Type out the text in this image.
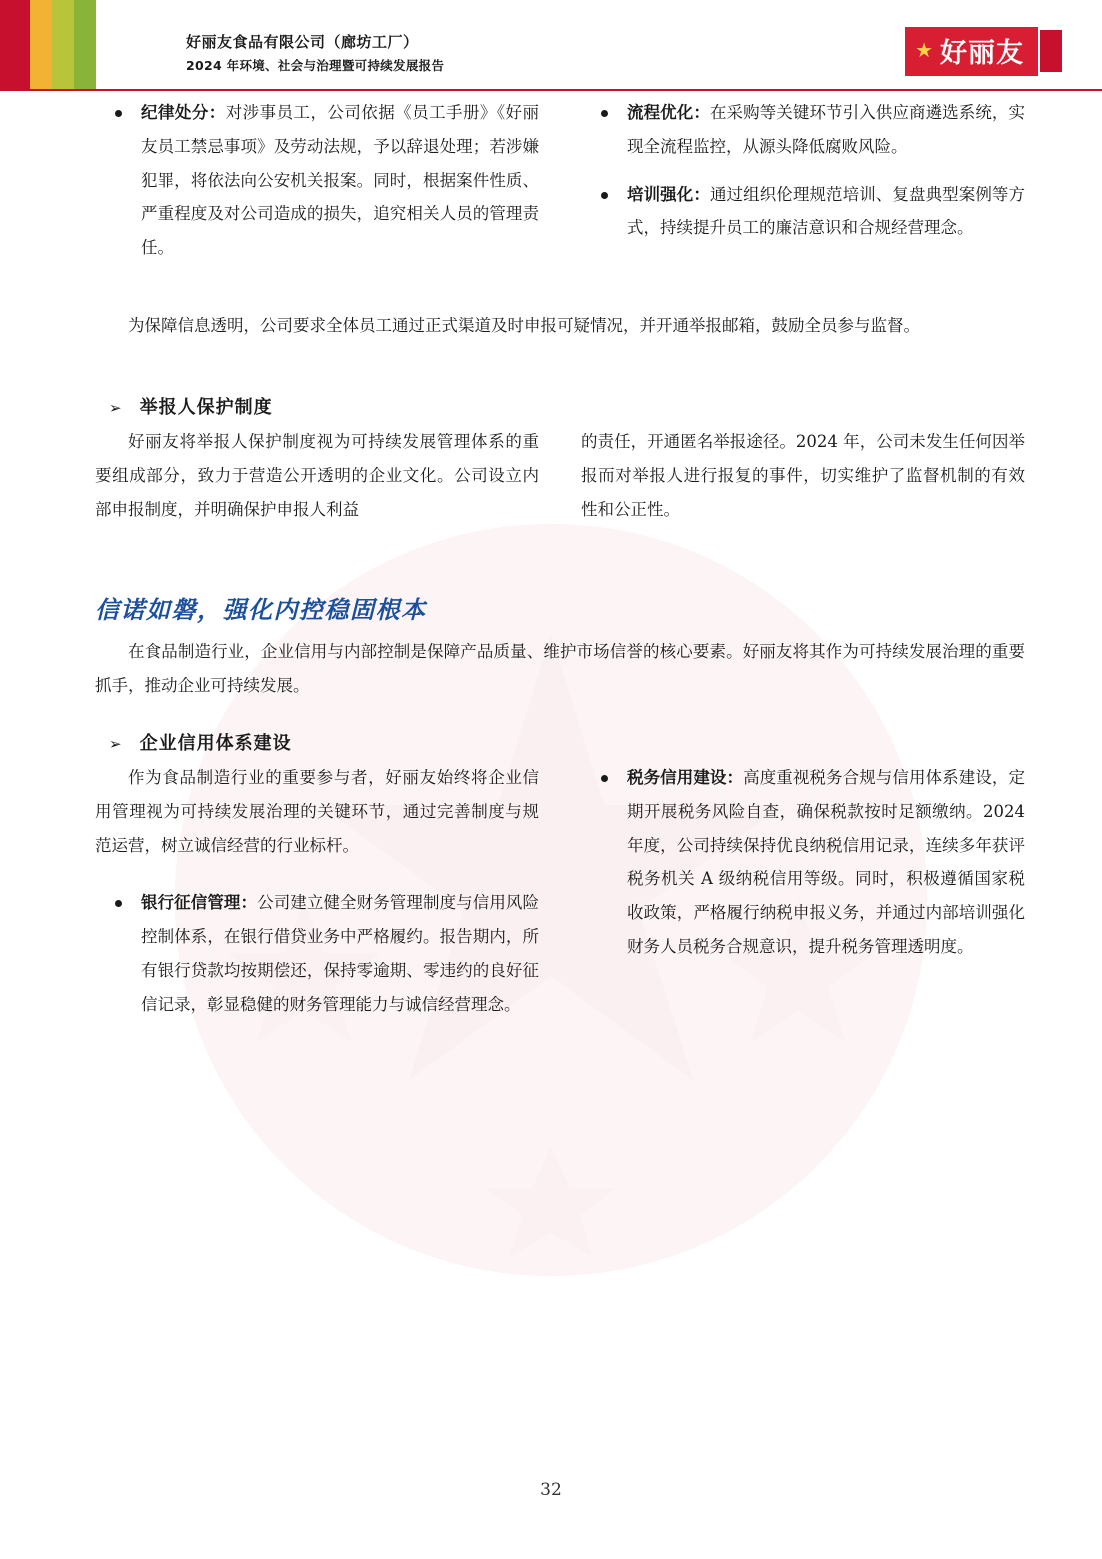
好丽友食品有限公司（廊坊工厂）
2024 年环境、社会与治理暨可持续发展报告
★ 好丽友
纪律处分：对涉事员工，公司依据《员工手册》《好丽友员工禁忌事项》及劳动法规，予以辞退处理；若涉嫌犯罪，将依法向公安机关报案。同时，根据案件性质、严重程度及对公司造成的损失，追究相关人员的管理责任。
流程优化：在采购等关键环节引入供应商遴选系统，实现全流程监控，从源头降低腐败风险。
培训强化：通过组织伦理规范培训、复盘典型案例等方式，持续提升员工的廉洁意识和合规经营理念。

为保障信息透明，公司要求全体员工通过正式渠道及时申报可疑情况，并开通举报邮箱，鼓励全员参与监督。

➢ 举报人保护制度

好丽友将举报人保护制度视为可持续发展管理体系的重要组成部分，致力于营造公开透明的企业文化。公司设立内部申报制度，并明确保护申报人利益

的责任，开通匿名举报途径。2024 年，公司未发生任何因举报而对举报人进行报复的事件，切实维护了监督机制的有效性和公正性。

信诺如磐，强化内控稳固根本

在食品制造行业，企业信用与内部控制是保障产品质量、维护市场信誉的核心要素。好丽友将其作为可持续发展治理的重要抓手，推动企业可持续发展。

➢ 企业信用体系建设

作为食品制造行业的重要参与者，好丽友始终将企业信用管理视为可持续发展治理的关键环节，通过完善制度与规范运营，树立诚信经营的行业标杆。

银行征信管理：公司建立健全财务管理制度与信用风险控制体系，在银行借贷业务中严格履约。报告期内，所有银行贷款均按期偿还，保持零逾期、零违约的良好征信记录，彰显稳健的财务管理能力与诚信经营理念。
税务信用建设：高度重视税务合规与信用体系建设，定期开展税务风险自查，确保税款按时足额缴纳。2024 年度，公司持续保持优良纳税信用记录，连续多年获评税务机关 A 级纳税信用等级。同时，积极遵循国家税收政策，严格履行纳税申报义务，并通过内部培训强化财务人员税务合规意识，提升税务管理透明度。
32
